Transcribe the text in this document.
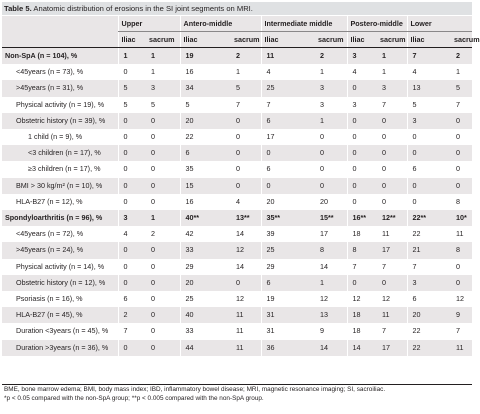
Table 5. Anatomic distribution of erosions in the SI joint segments on MRI.
	Upper		Antero-middle		Intermediate middle		Postero-middle		Lower	
	Iliac	sacrum	Iliac	sacrum	Iliac	sacrum	Iliac	sacrum	Iliac	sacrum
Non-SpA (n = 104), %	1	1	19	2	11	2	3	1	7	2
<45years (n = 73), %	0	1	16	1	4	1	4	1	4	1
>45years (n = 31), %	5	3	34	5	25	3	0	3	13	5
Physical activity (n = 19), %	5	5	5	7	7	3	3	7	5	7
Obstetric history (n = 39), %	0	0	20	0	6	1	0	0	3	0
1 child (n = 9), %	0	0	22	0	17	0	0	0	0	0
<3 children (n = 17), %	0	0	6	0	0	0	0	0	0	0
≥3 children (n = 17), %	0	0	35	0	6	0	0	0	6	0
BMI > 30 kg/m² (n = 10), %	0	0	15	0	0	0	0	0	0	0
HLA-B27 (n = 12), %	0	0	16	4	20	20	0	0	0	8
Spondyloarthritis (n = 96), %	3	1	40**	13**	35**	15**	16**	12**	22**	10*
<45years (n = 72), %	4	2	42	14	39	17	18	11	22	11
>45years (n = 24), %	0	0	33	12	25	8	8	17	21	8
Physical activity (n = 14), %	0	0	29	14	29	14	7	7	7	0
Obstetric history (n = 12), %	0	0	20	0	6	1	0	0	3	0
Psoriasis (n = 16), %	6	0	25	12	19	12	12	12	6	12
HLA-B27 (n = 45), %	2	0	40	11	31	13	18	11	20	9
Duration <3years (n = 45), %	7	0	33	11	31	9	18	7	22	7
Duration >3years (n = 36), %	0	0	44	11	36	14	14	17	22	11
BME, bone marrow edema; BMI, body mass index; IBD, inflammatory bowel disease; MRI, magnetic resonance imaging; SI, sacroiliac.
*p < 0.05 compared with the non-SpA group; **p < 0.005 compared with the non-SpA group.
